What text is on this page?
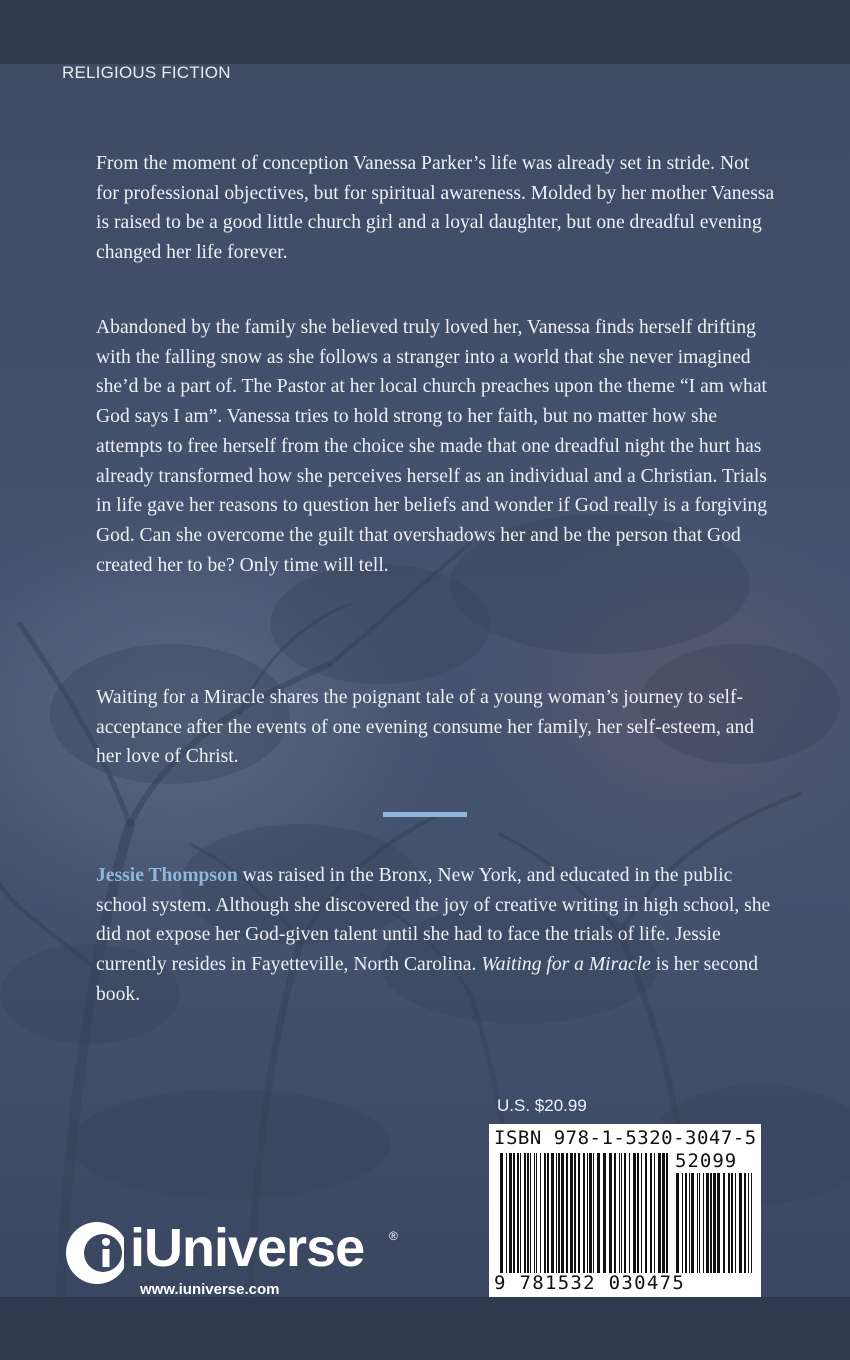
RELIGIOUS FICTION

From the moment of conception Vanessa Parker’s life was already set in stride. Not for professional objectives, but for spiritual awareness. Molded by her mother Vanessa is raised to be a good little church girl and a loyal daughter, but one dreadful evening changed her life forever.

Abandoned by the family she believed truly loved her, Vanessa finds herself drifting with the falling snow as she follows a stranger into a world that she never imagined she’d be a part of. The Pastor at her local church preaches upon the theme “I am what God says I am”. Vanessa tries to hold strong to her faith, but no matter how she attempts to free herself from the choice she made that one dreadful night the hurt has already transformed how she perceives herself as an individual and a Christian. Trials in life gave her reasons to question her beliefs and wonder if God really is a forgiving God. Can she overcome the guilt that overshadows her and be the person that God created her to be? Only time will tell.

Waiting for a Miracle shares the poignant tale of a young woman’s journey to self-acceptance after the events of one evening consume her family, her self-esteem, and her love of Christ.

Jessie Thompson was raised in the Bronx, New York, and educated in the public school system. Although she discovered the joy of creative writing in high school, she did not expose her God-given talent until she had to face the trials of life. Jessie currently resides in Fayetteville, North Carolina. Waiting for a Miracle is her second book.

U.S. $20.99
ISBN 978-1-5320-3047-5
52099
9 781532 030475
iUniverse ®
www.iuniverse.com
